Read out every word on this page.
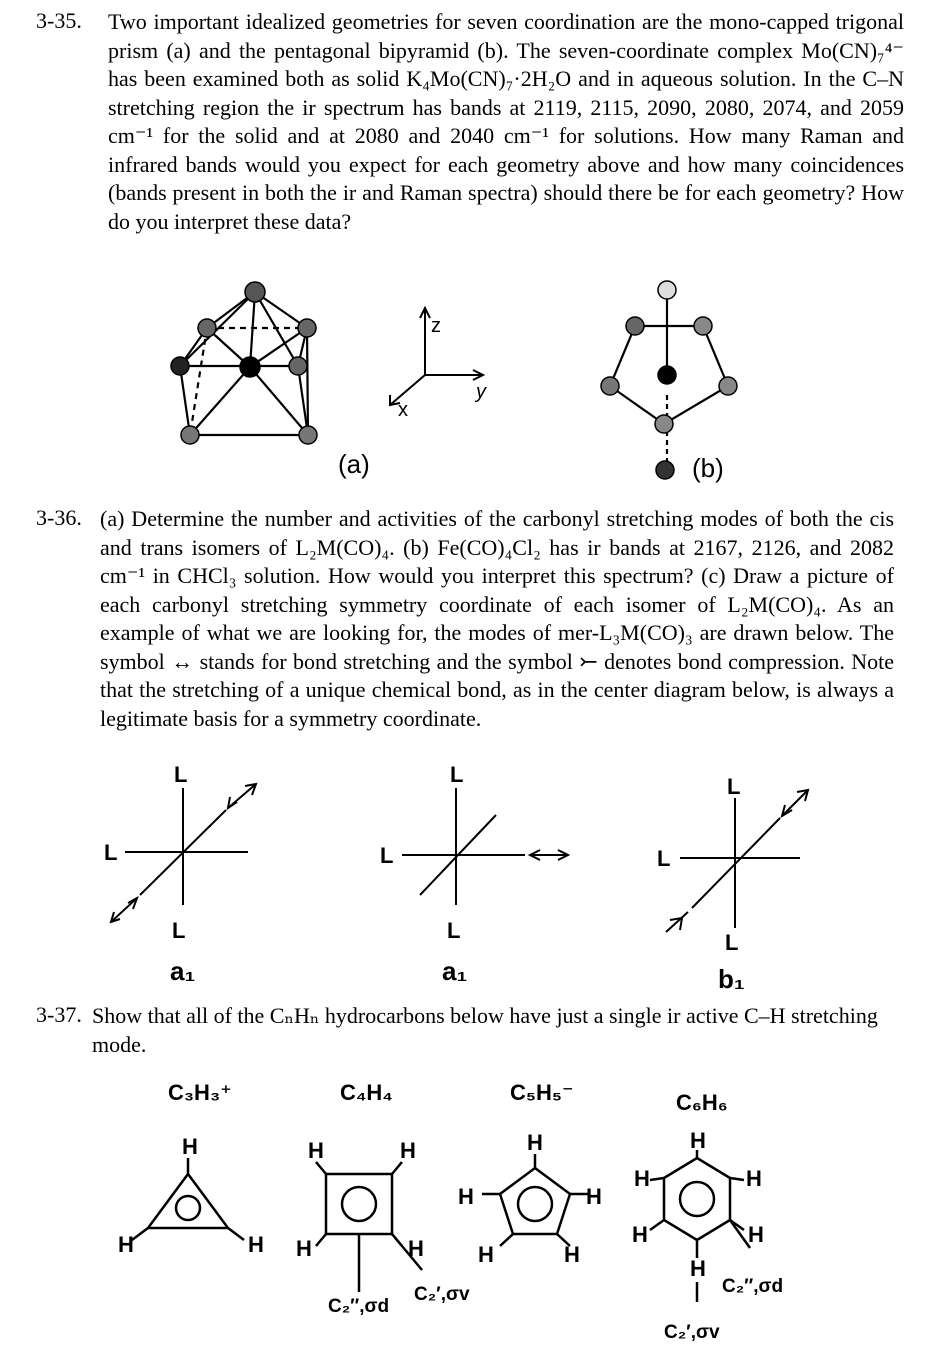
3-35. Two important idealized geometries for seven coordination are the mono-capped trigonal prism (a) and the pentagonal bipyramid (b). The seven-coordinate complex Mo(CN)₇⁴⁻ has been examined both as solid K₄Mo(CN)₇·2H₂O and in aqueous solution. In the C–N stretching region the ir spectrum has bands at 2119, 2115, 2090, 2080, 2074, and 2059 cm⁻¹ for the solid and at 2080 and 2040 cm⁻¹ for solutions. How many Raman and infrared bands would you expect for each geometry above and how many coincidences (bands present in both the ir and Raman spectra) should there be for each geometry? How do you interpret these data?
(a)
z
y
x
(b)
3-36. (a) Determine the number and activities of the carbonyl stretching modes of both the cis and trans isomers of L₂M(CO)₄. (b) Fe(CO)₄Cl₂ has ir bands at 2167, 2126, and 2082 cm⁻¹ in CHCl₃ solution. How would you interpret this spectrum? (c) Draw a picture of each carbonyl stretching symmetry coordinate of each isomer of L₂M(CO)₄. As an example of what we are looking for, the modes of mer-L₃M(CO)₃ are drawn below. The symbol ↔ stands for bond stretching and the symbol ⤚ denotes bond compression. Note that the stretching of a unique chemical bond, as in the center diagram below, is always a legitimate basis for a symmetry coordinate.
L
L
L
a₁
L
L
L
a₁
L
L
L
b₁
3-37. Show that all of the CₙHₙ hydrocarbons below have just a single ir active C–H stretching mode.
C₃H₃⁺
H
H	H
C₄H₄
H	H
H	H
C₂″,σd
C₂′,σv
C₅H₅⁻
H
H	H
H	H
C₆H₆
H
H	H
H	H
H
C₂″,σd
C₂′,σv
